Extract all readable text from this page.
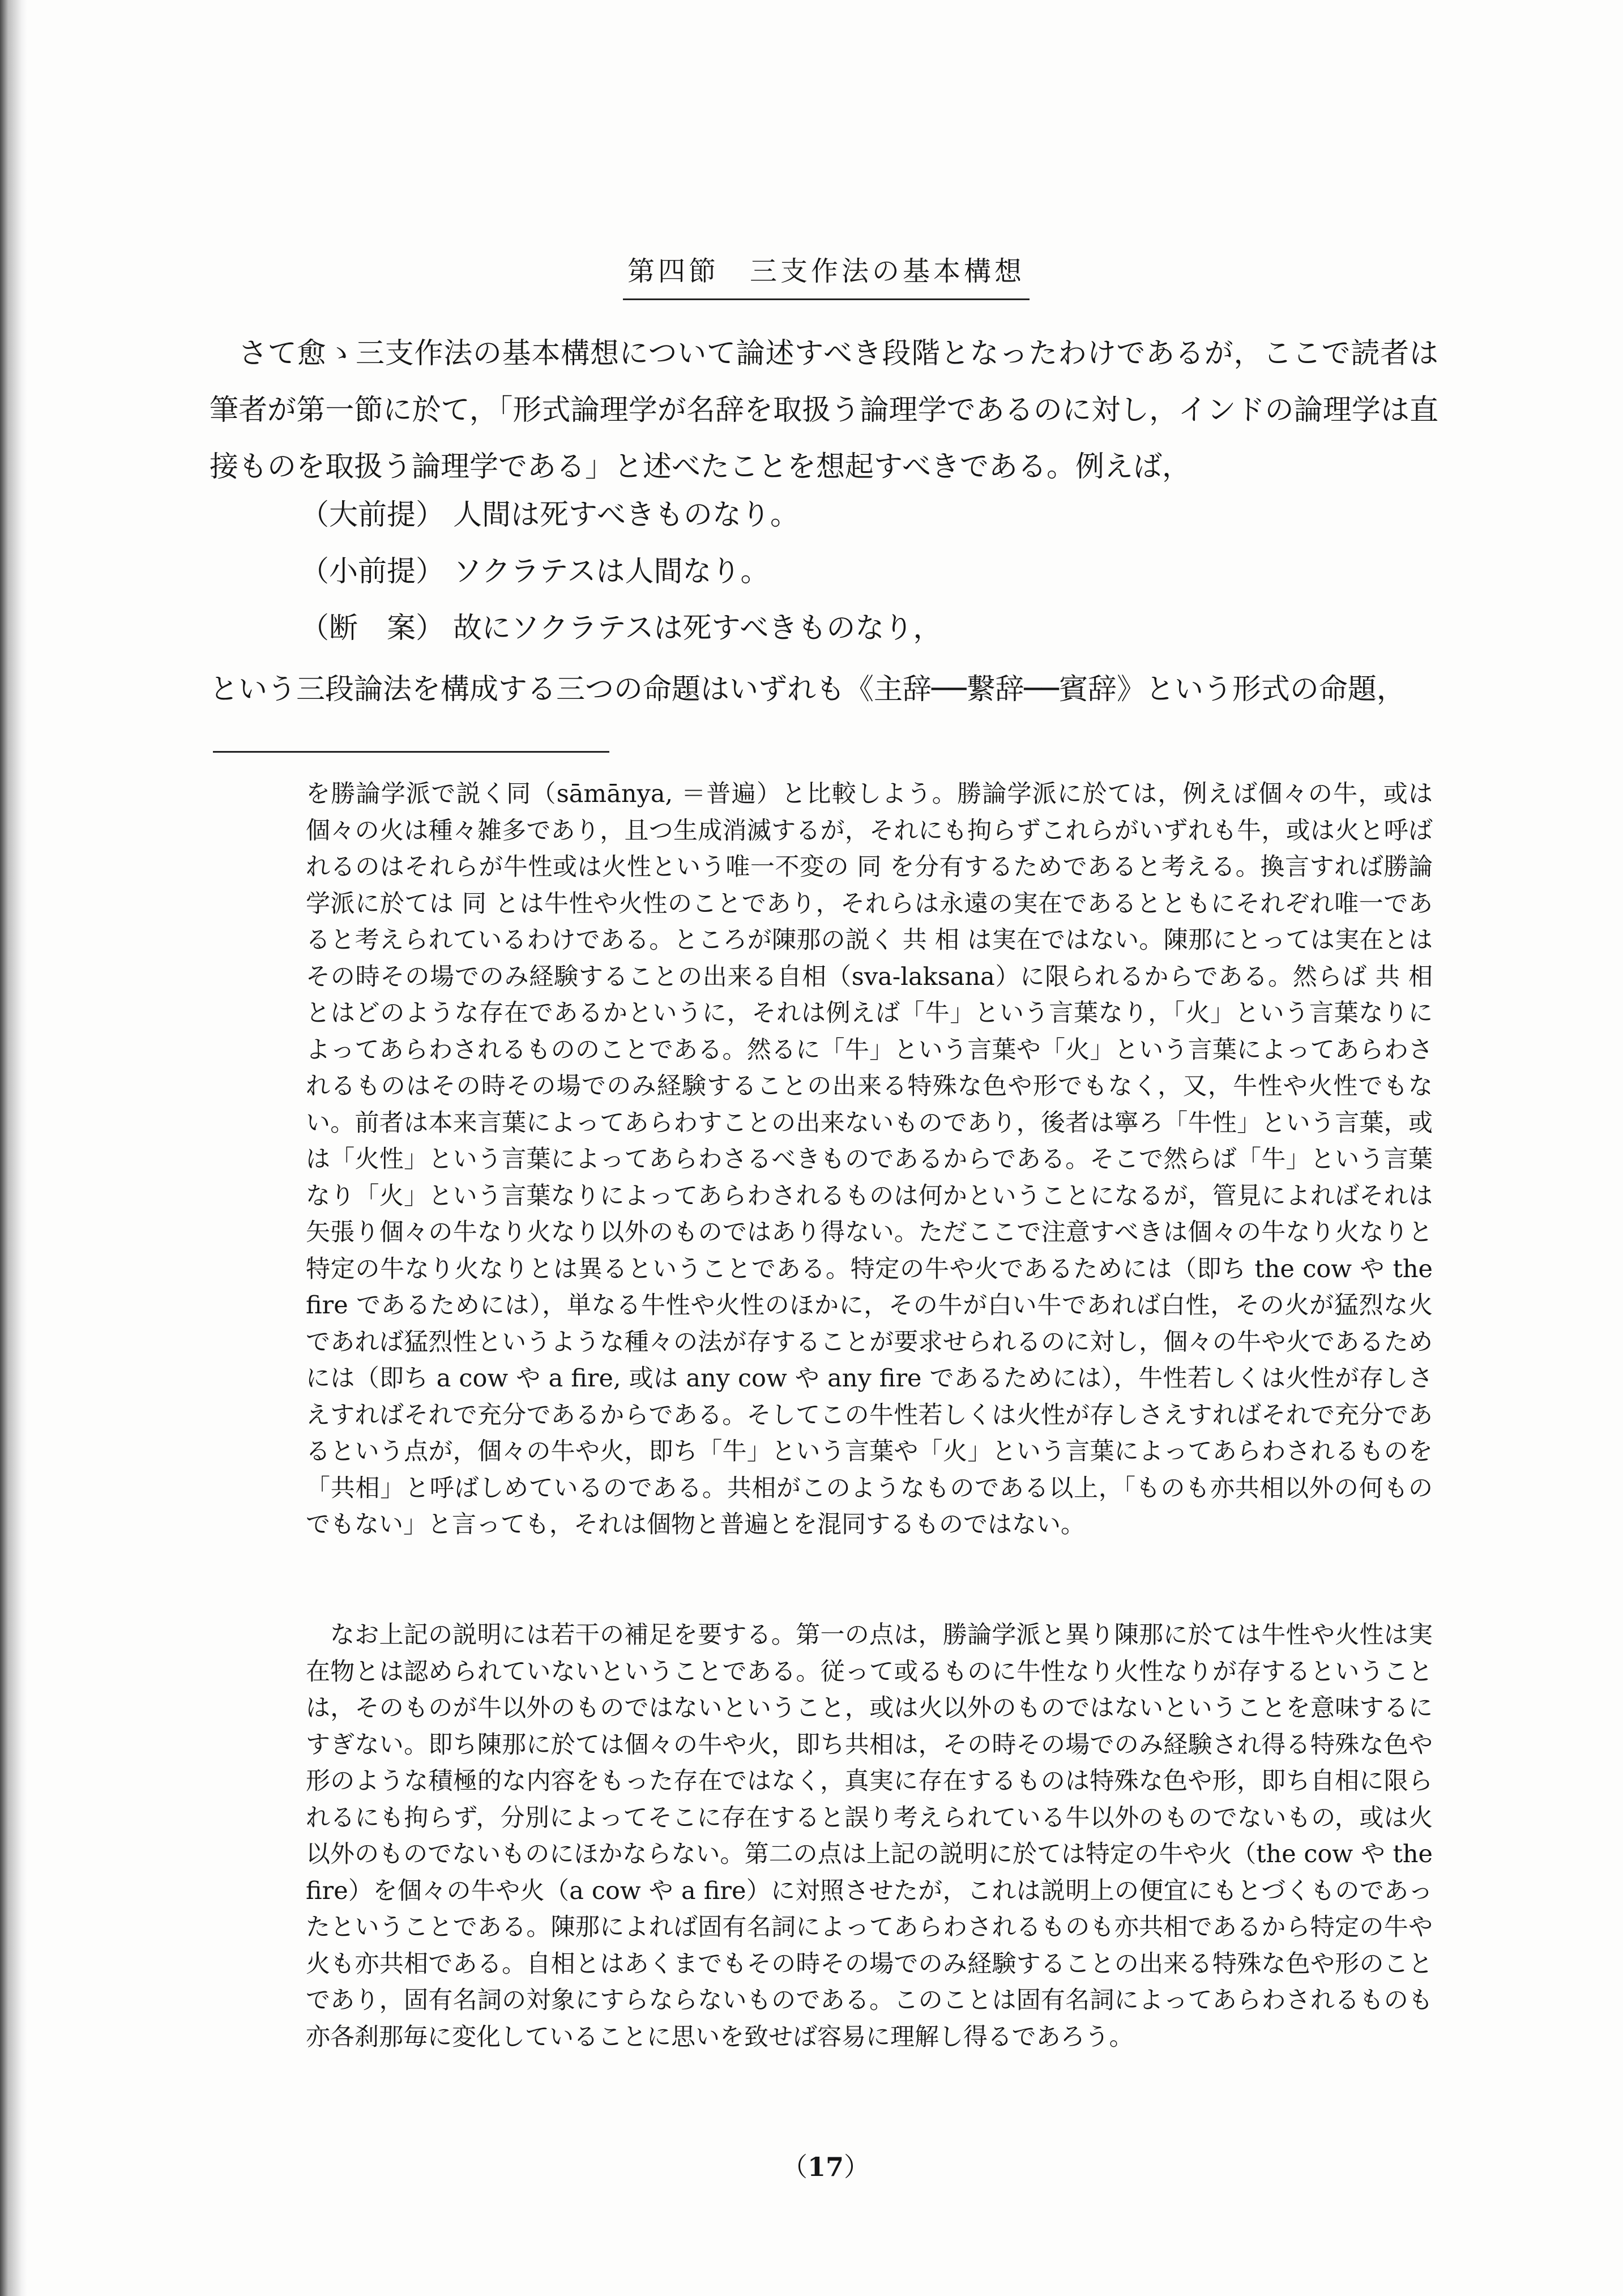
第四節　三支作法の基本構想
さて愈ゝ三支作法の基本構想について論述すべき段階となったわけであるが，ここで読者は筆者が第一節に於て，「形式論理学が名辞を取扱う論理学であるのに対し，インドの論理学は直接ものを取扱う論理学である」と述べたことを想起すべきである。例えば，
（大前提） 人間は死すべきものなり。
（小前提） ソクラテスは人間なり。
（断　案） 故にソクラテスは死すべきものなり，
という三段論法を構成する三つの命題はいずれも《主辞──繋辞──賓辞》という形式の命題，
を勝論学派で説く同（sāmānya, ＝普遍）と比較しよう。勝論学派に於ては，例えば個々の牛，或は個々の火は種々雑多であり，且つ生成消滅するが，それにも拘らずこれらがいずれも牛，或は火と呼ばれるのはそれらが牛性或は火性という唯一不変の 同 を分有するためであると考える。換言すれば勝論学派に於ては 同 とは牛性や火性のことであり，それらは永遠の実在であるとともにそれぞれ唯一であると考えられているわけである。ところが陳那の説く 共 相 は実在ではない。陳那にとっては実在とはその時その場でのみ経験することの出来る自相（sva-laksana）に限られるからである。然らば 共 相 とはどのような存在であるかというに，それは例えば「牛」という言葉なり，「火」という言葉なりによってあらわされるもののことである。然るに「牛」という言葉や「火」という言葉によってあらわされるものはその時その場でのみ経験することの出来る特殊な色や形でもなく，又，牛性や火性でもない。前者は本来言葉によってあらわすことの出来ないものであり，後者は寧ろ「牛性」という言葉，或は「火性」という言葉によってあらわさるべきものであるからである。そこで然らば「牛」という言葉なり「火」という言葉なりによってあらわされるものは何かということになるが，管見によればそれは矢張り個々の牛なり火なり以外のものではあり得ない。ただここで注意すべきは個々の牛なり火なりと特定の牛なり火なりとは異るということである。特定の牛や火であるためには（即ち the cow や the fire であるためには），単なる牛性や火性のほかに，その牛が白い牛であれば白性，その火が猛烈な火であれば猛烈性というような種々の法が存することが要求せられるのに対し，個々の牛や火であるためには（即ち a cow や a fire, 或は any cow や any fire であるためには），牛性若しくは火性が存しさえすればそれで充分であるからである。そしてこの牛性若しくは火性が存しさえすればそれで充分であるという点が，個々の牛や火，即ち「牛」という言葉や「火」という言葉によってあらわされるものを「共相」と呼ばしめているのである。共相がこのようなものである以上，「ものも亦共相以外の何ものでもない」と言っても，それは個物と普遍とを混同するものではない。
なお上記の説明には若干の補足を要する。第一の点は，勝論学派と異り陳那に於ては牛性や火性は実在物とは認められていないということである。従って或るものに牛性なり火性なりが存するということは，そのものが牛以外のものではないということ，或は火以外のものではないということを意味するにすぎない。即ち陳那に於ては個々の牛や火，即ち共相は，その時その場でのみ経験され得る特殊な色や形のような積極的な内容をもった存在ではなく，真実に存在するものは特殊な色や形，即ち自相に限られるにも拘らず，分別によってそこに存在すると誤り考えられている牛以外のものでないもの，或は火以外のものでないものにほかならない。第二の点は上記の説明に於ては特定の牛や火（the cow や the fire）を個々の牛や火（a cow や a fire）に対照させたが，これは説明上の便宜にもとづくものであったということである。陳那によれば固有名詞によってあらわされるものも亦共相であるから特定の牛や火も亦共相である。自相とはあくまでもその時その場でのみ経験することの出来る特殊な色や形のことであり，固有名詞の対象にすらならないものである。このことは固有名詞によってあらわされるものも亦各刹那毎に変化していることに思いを致せば容易に理解し得るであろう。
（17）
